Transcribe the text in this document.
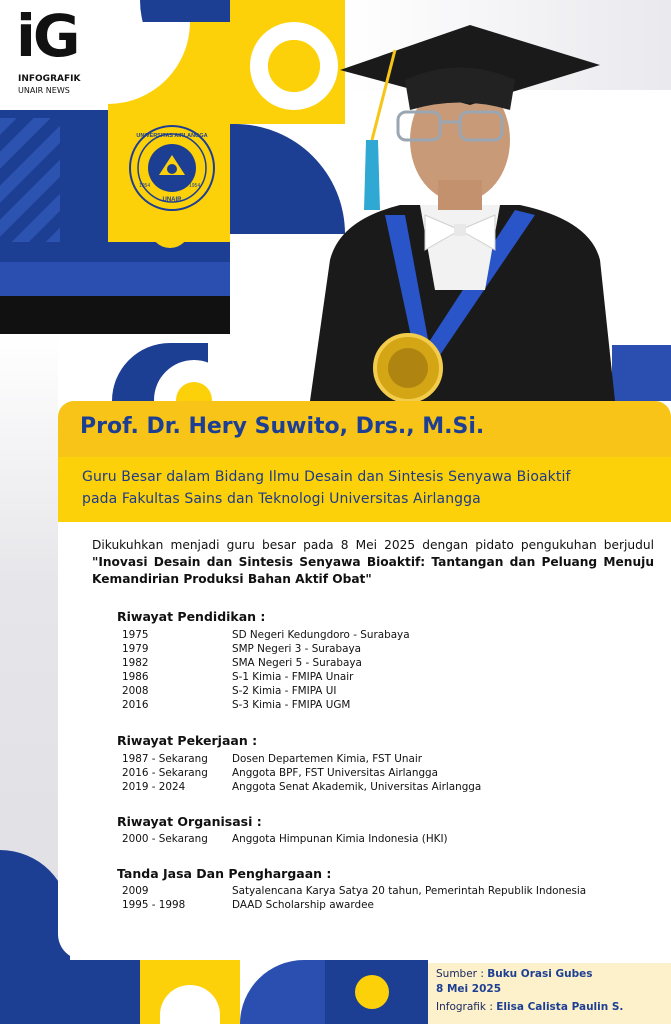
iG
INFOGRAFIK
UNAIR NEWS
UNIVERSITAS AIRLANGGA
UNAIR
1954	1954
Prof. Dr. Hery Suwito, Drs., M.Si.
Guru Besar dalam Bidang Ilmu Desain dan Sintesis Senyawa Bioaktif
pada Fakultas Sains dan Teknologi Universitas Airlangga
Dikukuhkan menjadi guru besar pada 8 Mei 2025 dengan pidato pengukuhan berjudul "Inovasi Desain dan Sintesis Senyawa Bioaktif: Tantangan dan Peluang Menuju Kemandirian Produksi Bahan Aktif Obat"
Riwayat Pendidikan :
1975	SD Negeri Kedungdoro - Surabaya
1979	SMP Negeri 3 - Surabaya
1982	SMA Negeri 5 - Surabaya
1986	S-1 Kimia - FMIPA Unair
2008	S-2 Kimia - FMIPA UI
2016	S-3 Kimia - FMIPA UGM
Riwayat Pekerjaan :
1987 - Sekarang Dosen Departemen Kimia, FST Unair
2016 - Sekarang Anggota BPF, FST Universitas Airlangga
2019 - 2024	Anggota Senat Akademik, Universitas Airlangga
Riwayat Organisasi :
2000 - Sekarang Anggota Himpunan Kimia Indonesia (HKI)
Tanda Jasa Dan Penghargaan :
2009	Satyalencana Karya Satya 20 tahun, Pemerintah Republik Indonesia
1995 - 1998	DAAD Scholarship awardee
Sumber : Buku Orasi Gubes
8 Mei 2025
Infografik : Elisa Calista Paulin S.
